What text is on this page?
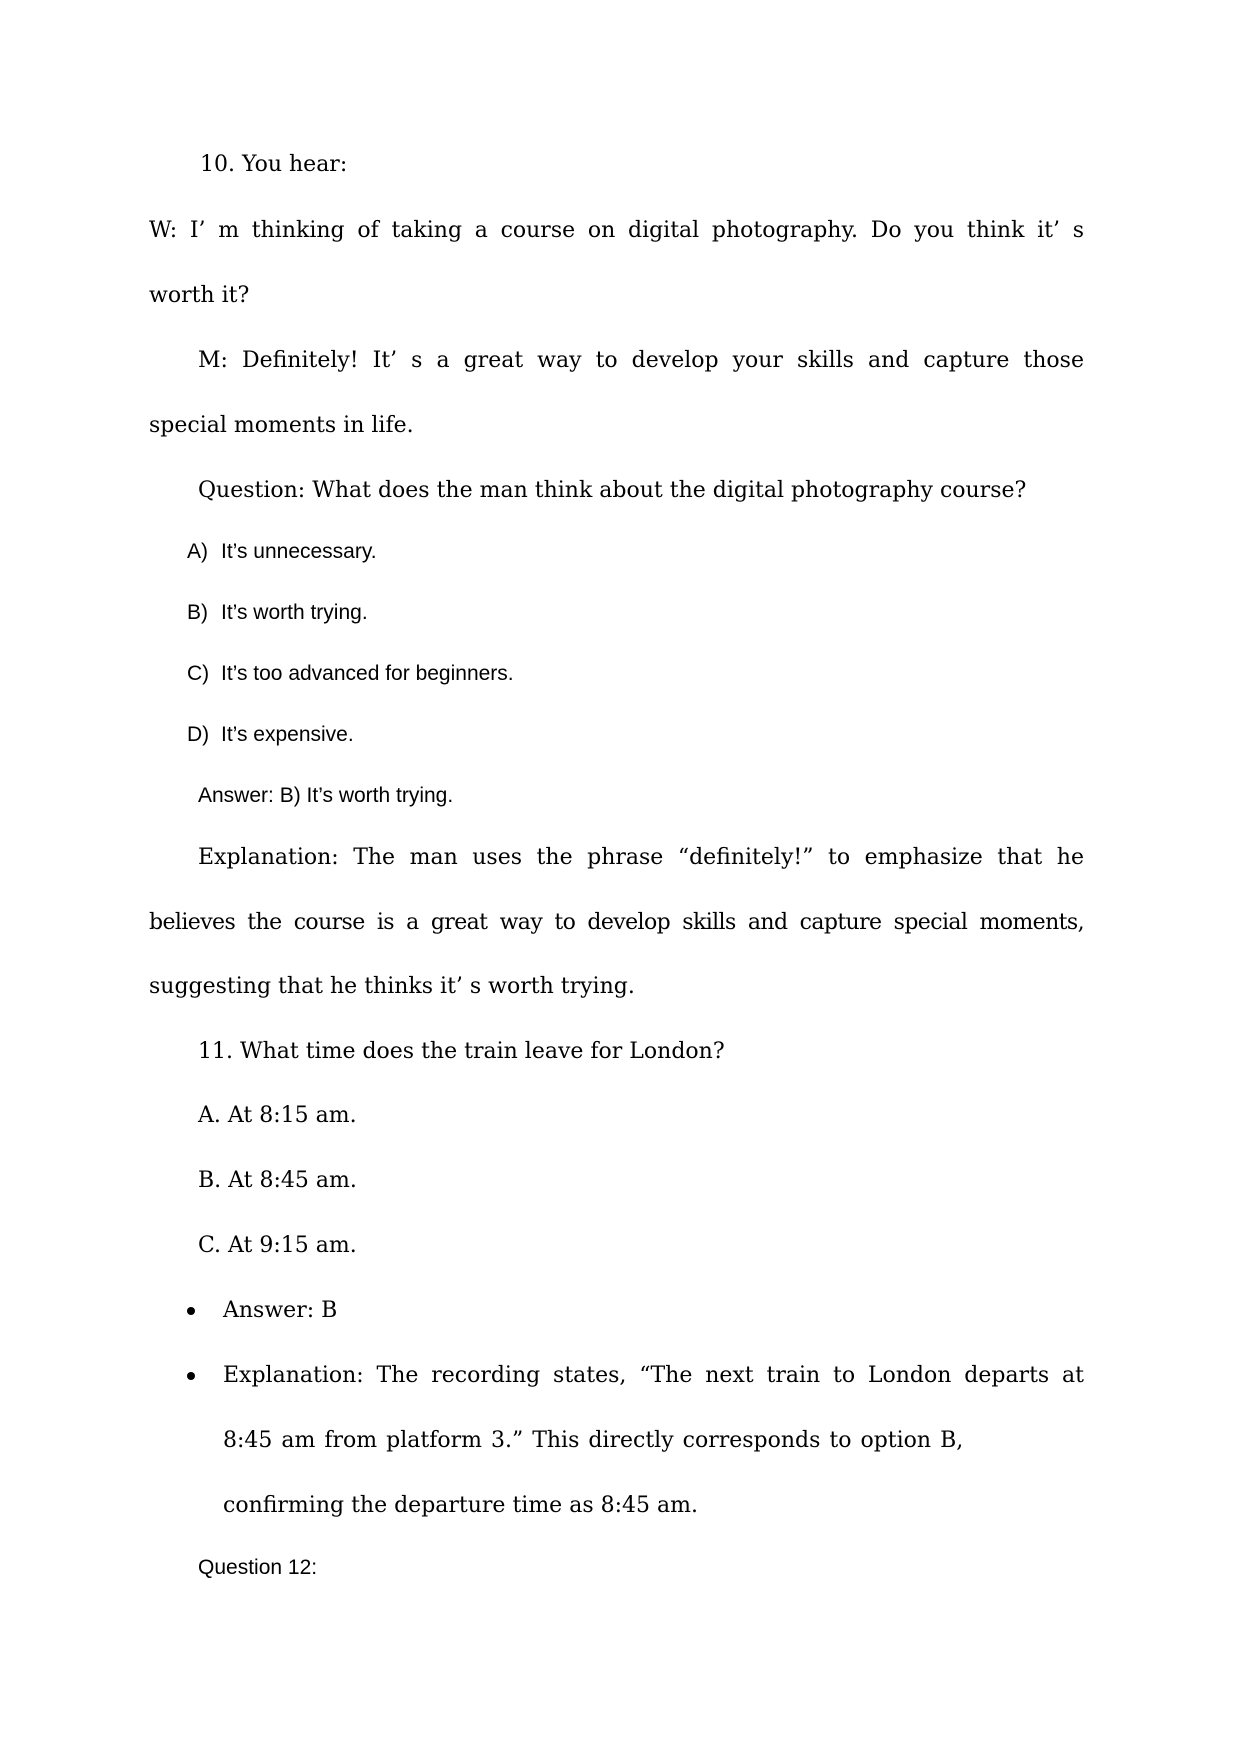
10. You hear:
W: I’ m thinking of taking a course on digital photography. Do you think it’ s
worth it?
M: Definitely! It’ s a great way to develop your skills and capture those
special moments in life.
Question: What does the man think about the digital photography course?
A) It’s unnecessary.
B) It’s worth trying.
C) It’s too advanced for beginners.
D) It’s expensive.
Answer: B) It’s worth trying.
Explanation: The man uses the phrase “definitely!” to emphasize that he
believes the course is a great way to develop skills and capture special moments,
suggesting that he thinks it’ s worth trying.
11. What time does the train leave for London?
A. At 8:15 am.
B. At 8:45 am.
C. At 9:15 am.
Answer: B
Explanation: The recording states, “The next train to London departs at
8:45 am from platform 3.” This directly corresponds to option B,
confirming the departure time as 8:45 am.
Question 12:
